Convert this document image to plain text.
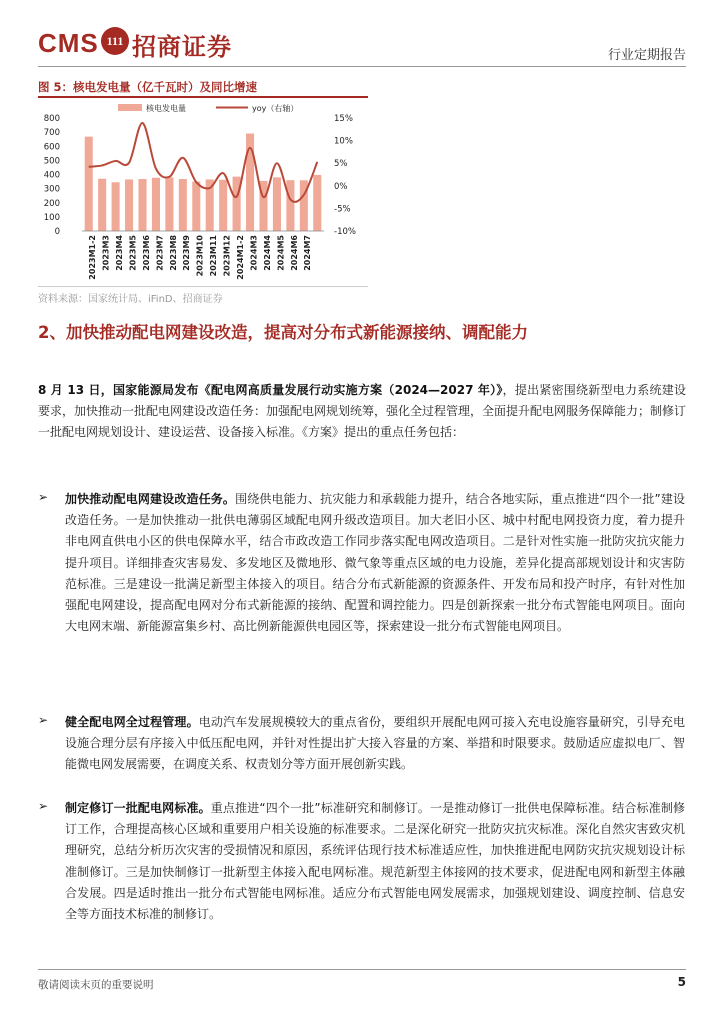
CMS 111 招商证券	行业定期报告
图 5：核电发电量（亿千瓦时）及同比增速
核电发电量	yoy（右轴）
800
700
600
500
400
300
200
100
0
15%
10%
5%
0%
-5%
-10%
2023M1-2 2023M3 2023M4 2023M5 2023M6 2023M7 2023M8 2023M9 2023M10 2023M11 2023M12 2024M1-2 2024M3 2024M4 2024M5 2024M6 2024M7
资料来源：国家统计局、iFinD、招商证券
2、加快推动配电网建设改造，提高对分布式新能源接纳、调配能力
8 月 13 日，国家能源局发布《配电网高质量发展行动实施方案（2024—2027 年）》，提出紧密围绕新型电力系统建设要求，加快推动一批配电网建设改造任务：加强配电网规划统筹，强化全过程管理，全面提升配电网服务保障能力；制修订一批配电网规划设计、建设运营、设备接入标准。《方案》提出的重点任务包括：
➢ 加快推动配电网建设改造任务。围绕供电能力、抗灾能力和承载能力提升，结合各地实际，重点推进“四个一批”建设改造任务。一是加快推动一批供电薄弱区域配电网升级改造项目。加大老旧小区、城中村配电网投资力度，着力提升非电网直供电小区的供电保障水平，结合市政改造工作同步落实配电网改造项目。二是针对性实施一批防灾抗灾能力提升项目。详细排查灾害易发、多发地区及微地形、微气象等重点区域的电力设施，差异化提高部规划设计和灾害防范标准。三是建设一批满足新型主体接入的项目。结合分布式新能源的资源条件、开发布局和投产时序，有针对性加强配电网建设，提高配电网对分布式新能源的接纳、配置和调控能力。四是创新探索一批分布式智能电网项目。面向大电网末端、新能源富集乡村、高比例新能源供电园区等，探索建设一批分布式智能电网项目。
➢ 健全配电网全过程管理。电动汽车发展规模较大的重点省份，要组织开展配电网可接入充电设施容量研究，引导充电设施合理分层有序接入中低压配电网，并针对性提出扩大接入容量的方案、举措和时限要求。鼓励适应虚拟电厂、智能微电网发展需要，在调度关系、权责划分等方面开展创新实践。
➢ 制定修订一批配电网标准。重点推进“四个一批”标准研究和制修订。一是推动修订一批供电保障标准。结合标准制修订工作，合理提高核心区域和重要用户相关设施的标准要求。二是深化研究一批防灾抗灾标准。深化自然灾害致灾机理研究，总结分析历次灾害的受损情况和原因，系统评估现行技术标准适应性，加快推进配电网防灾抗灾规划设计标准制修订。三是加快制修订一批新型主体接入配电网标准。规范新型主体接网的技术要求，促进配电网和新型主体融合发展。四是适时推出一批分布式智能电网标准。适应分布式智能电网发展需求，加强规划建设、调度控制、信息安全等方面技术标准的制修订。
敬请阅读末页的重要说明	5
